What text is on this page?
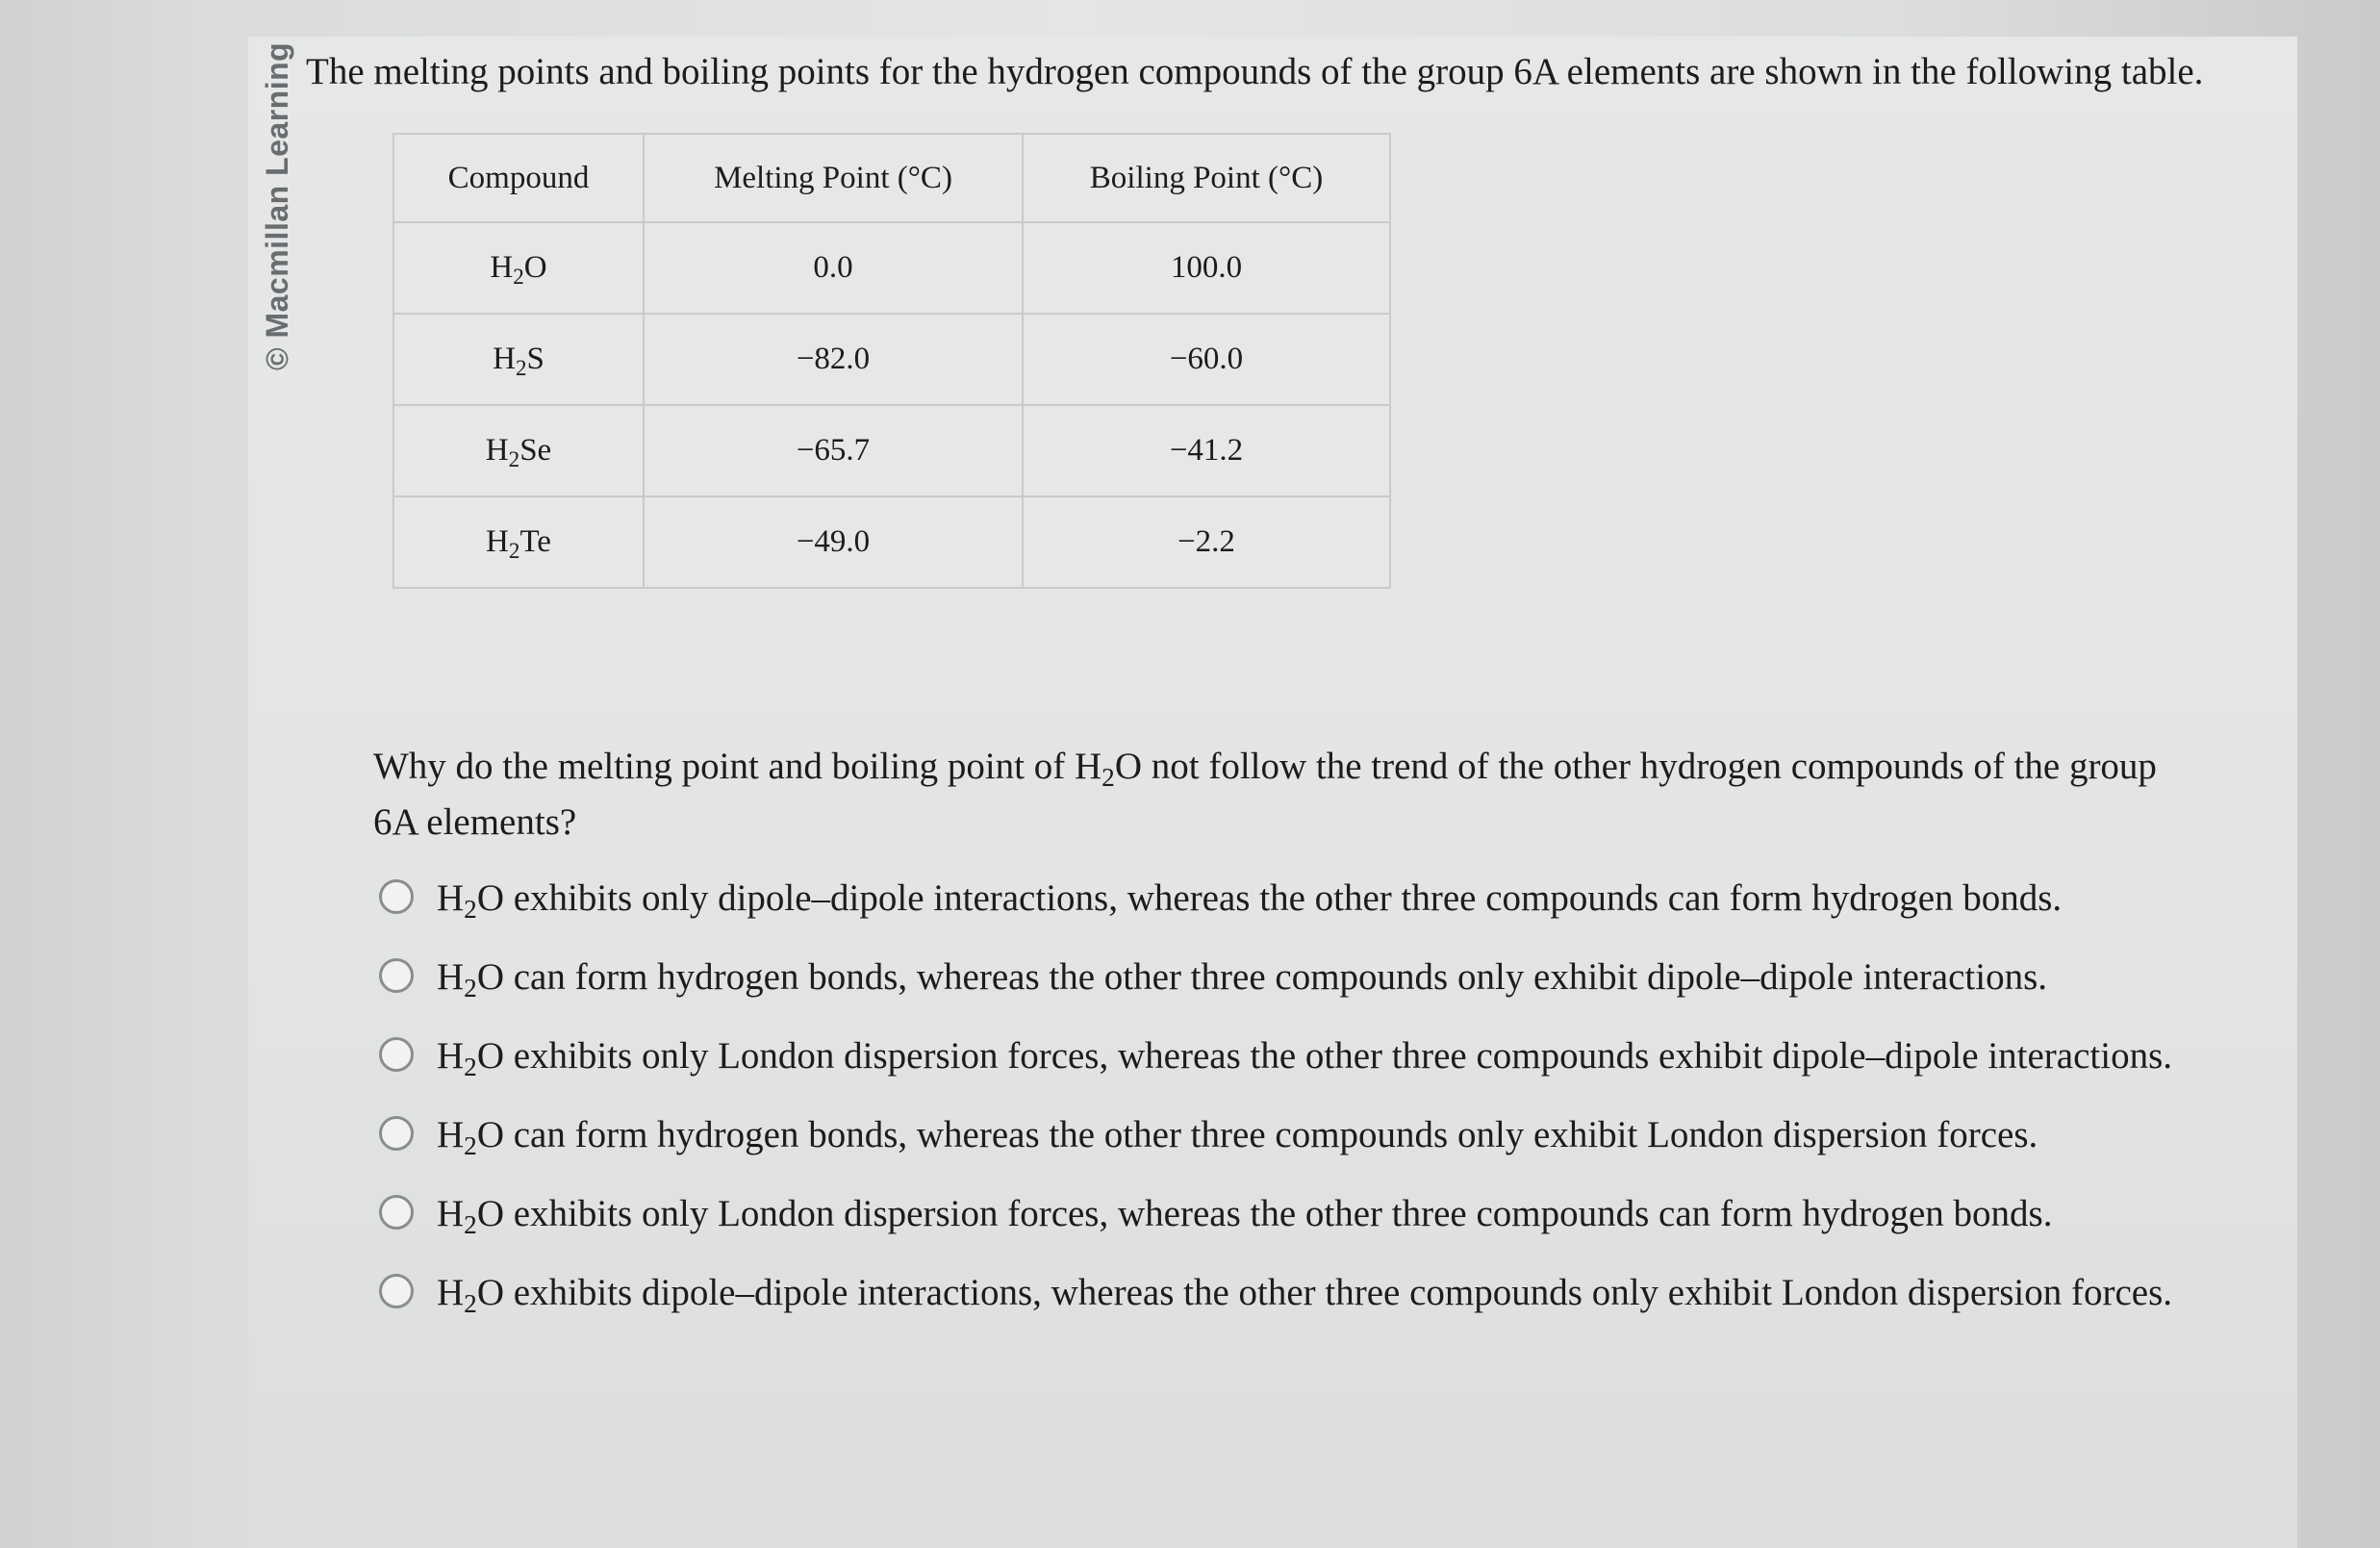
© Macmillan Learning The melting points and boiling points for the hydrogen compounds of the group 6A elements are shown in the following table.
Compound	Melting Point (°C)	Boiling Point (°C)
$H_2O$	0.0	100.0
$H_2S$	−82.0	−60.0
$H_2Se$	−65.7	−41.2
$H_2Te$	−49.0	−2.2
Why do the melting point and boiling point of $H_2O$ not follow the trend of the other hydrogen compounds of the group 6A elements?
$H_2O$ exhibits only dipole–dipole interactions, whereas the other three compounds can form hydrogen bonds.
$H_2O$ can form hydrogen bonds, whereas the other three compounds only exhibit dipole–dipole interactions.
$H_2O$ exhibits only London dispersion forces, whereas the other three compounds exhibit dipole–dipole interactions.
$H_2O$ can form hydrogen bonds, whereas the other three compounds only exhibit London dispersion forces.
$H_2O$ exhibits only London dispersion forces, whereas the other three compounds can form hydrogen bonds.
$H_2O$ exhibits dipole–dipole interactions, whereas the other three compounds only exhibit London dispersion forces.
